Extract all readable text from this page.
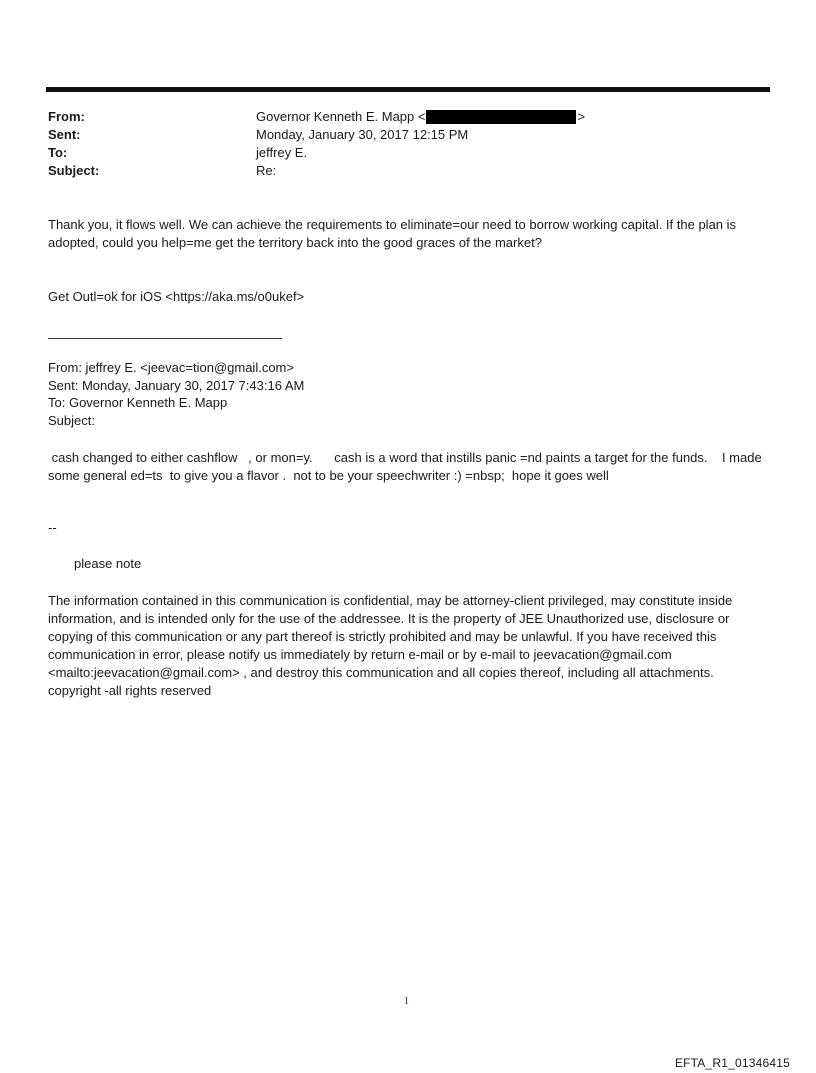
From:	Governor Kenneth E. Mapp <	>
Sent:	Monday, January 30, 2017 12:15 PM
To:	jeffrey E.
Subject:	Re:

Thank you, it flows well. We can achieve the requirements to eliminate=our need to borrow working capital. If the plan is adopted, could you help=me get the territory back into the good graces of the market?

Get Outl=ok for iOS <https://aka.ms/o0ukef>

From: jeffrey E. <jeevac=tion@gmail.com>
Sent: Monday, January 30, 2017 7:43:16 AM
To: Governor Kenneth E. Mapp
Subject:

cash changed to either cashflow   , or mon=y.      cash is a word that instills panic =nd paints a target for the funds.    I made some general ed=ts  to give you a flavor .  not to be your speechwriter :) =nbsp;  hope it goes well

--

please note

The information contained in this communication is confidential, may be attorney-client privileged, may constitute inside information, and is intended only for the use of the addressee. It is the property of JEE Unauthorized use, disclosure or copying of this communication or any part thereof is strictly prohibited and may be unlawful. If you have received this communication in error, please notify us immediately by return e-mail or by e-mail to jeevacation@gmail.com <mailto:jeevacation@gmail.com> , and destroy this communication and all copies thereof, including all attachments. copyright -all rights reserved

1
EFTA_R1_01346415
